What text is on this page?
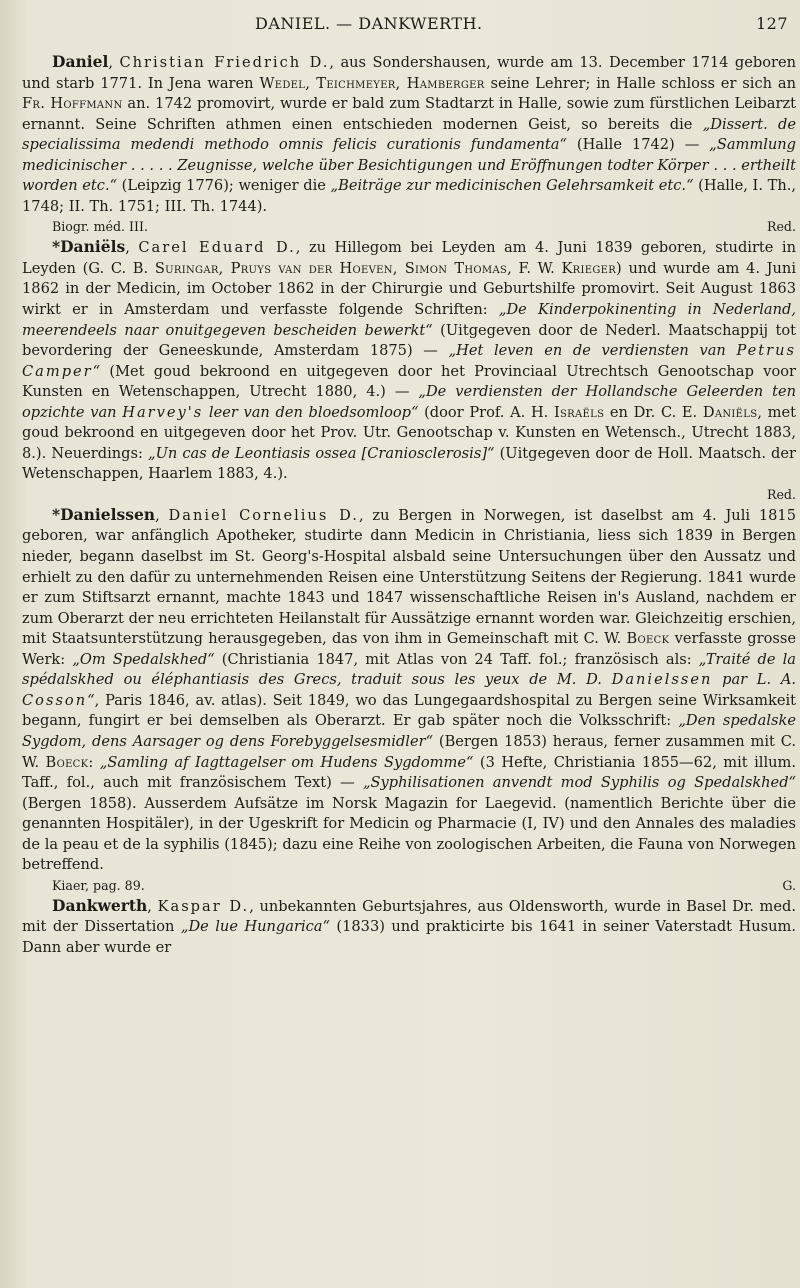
DANIEL. — DANKWERTH.	127

Daniel, Christian Friedrich D., aus Sondershausen, wurde am 13. December 1714 geboren und starb 1771. In Jena waren Wedel, Teichmeyer, Hamberger seine Lehrer; in Halle schloss er sich an Fr. Hoffmann an. 1742 promovirt, wurde er bald zum Stadtarzt in Halle, sowie zum fürstlichen Leibarzt ernannt. Seine Schriften athmen einen entschieden modernen Geist, so bereits die „Dissert. de specialissima medendi methodo omnis felicis curationis fundamenta“ (Halle 1742) — „Sammlung medicinischer . . . . . Zeugnisse, welche über Besichtigungen und Eröffnungen todter Körper . . . ertheilt worden etc.“ (Leipzig 1776); weniger die „Beiträge zur medicinischen Gelehrsamkeit etc.“ (Halle, I. Th., 1748; II. Th. 1751; III. Th. 1744).

Biogr. méd. III.	Red.

*Daniëls, Carel Eduard D., zu Hillegom bei Leyden am 4. Juni 1839 geboren, studirte in Leyden (G. C. B. Suringar, Pruys van der Hoeven, Simon Thomas, F. W. Krieger) und wurde am 4. Juni 1862 in der Medicin, im October 1862 in der Chirurgie und Geburtshilfe promovirt. Seit August 1863 wirkt er in Amsterdam und verfasste folgende Schriften: „De Kinderpokinenting in Nederland, meerendeels naar onuitgegeven bescheiden bewerkt“ (Uitgegeven door de Nederl. Maatschappij tot bevordering der Geneeskunde, Amsterdam 1875) — „Het leven en de verdiensten van Petrus Camper“ (Met goud bekroond en uitgegeven door het Provinciaal Utrechtsch Genootschap voor Kunsten en Wetenschappen, Utrecht 1880, 4.) — „De verdiensten der Hollandsche Geleerden ten opzichte van Harvey's leer van den bloedsomloop“ (door Prof. A. H. Israëls en Dr. C. E. Daniëls, met goud bekroond en uitgegeven door het Prov. Utr. Genootschap v. Kunsten en Wetensch., Utrecht 1883, 8.). Neuerdings: „Un cas de Leontiasis ossea [Craniosclerosis]“ (Uitgegeven door de Holl. Maatsch. der Wetenschappen, Haarlem 1883, 4.).

Red.

*Danielssen, Daniel Cornelius D., zu Bergen in Norwegen, ist daselbst am 4. Juli 1815 geboren, war anfänglich Apotheker, studirte dann Medicin in Christiania, liess sich 1839 in Bergen nieder, begann daselbst im St. Georg's-Hospital alsbald seine Untersuchungen über den Aussatz und erhielt zu den dafür zu unternehmenden Reisen eine Unterstützung Seitens der Regierung. 1841 wurde er zum Stiftsarzt ernannt, machte 1843 und 1847 wissenschaftliche Reisen in's Ausland, nachdem er zum Oberarzt der neu errichteten Heilanstalt für Aussätzige ernannt worden war. Gleichzeitig erschien, mit Staatsunterstützung herausgegeben, das von ihm in Gemeinschaft mit C. W. Boeck verfasste grosse Werk: „Om Spedalskhed“ (Christiania 1847, mit Atlas von 24 Taff. fol.; französisch als: „Traité de la spédalskhed ou éléphantiasis des Grecs, traduit sous les yeux de M. D. Danielssen par L. A. Cosson“, Paris 1846, av. atlas). Seit 1849, wo das Lungegaardshospital zu Bergen seine Wirksamkeit begann, fungirt er bei demselben als Oberarzt. Er gab später noch die Volksschrift: „Den spedalske Sygdom, dens Aarsager og dens Forebyggelsesmidler“ (Bergen 1853) heraus, ferner zusammen mit C. W. Boeck: „Samling af Iagttagelser om Hudens Sygdomme“ (3 Hefte, Christiania 1855—62, mit illum. Taff., fol., auch mit französischem Text) — „Syphilisationen anvendt mod Syphilis og Spedalskhed“ (Bergen 1858). Ausserdem Aufsätze im Norsk Magazin for Laegevid. (namentlich Berichte über die genannten Hospitäler), in der Ugeskrift for Medicin og Pharmacie (I, IV) und den Annales des maladies de la peau et de la syphilis (1845); dazu eine Reihe von zoologischen Arbeiten, die Fauna von Norwegen betreffend.

Kiaer, pag. 89.	G.

Dankwerth, Kaspar D., unbekannten Geburtsjahres, aus Oldensworth, wurde in Basel Dr. med. mit der Dissertation „De lue Hungarica“ (1833) und prakticirte bis 1641 in seiner Vaterstadt Husum. Dann aber wurde er
